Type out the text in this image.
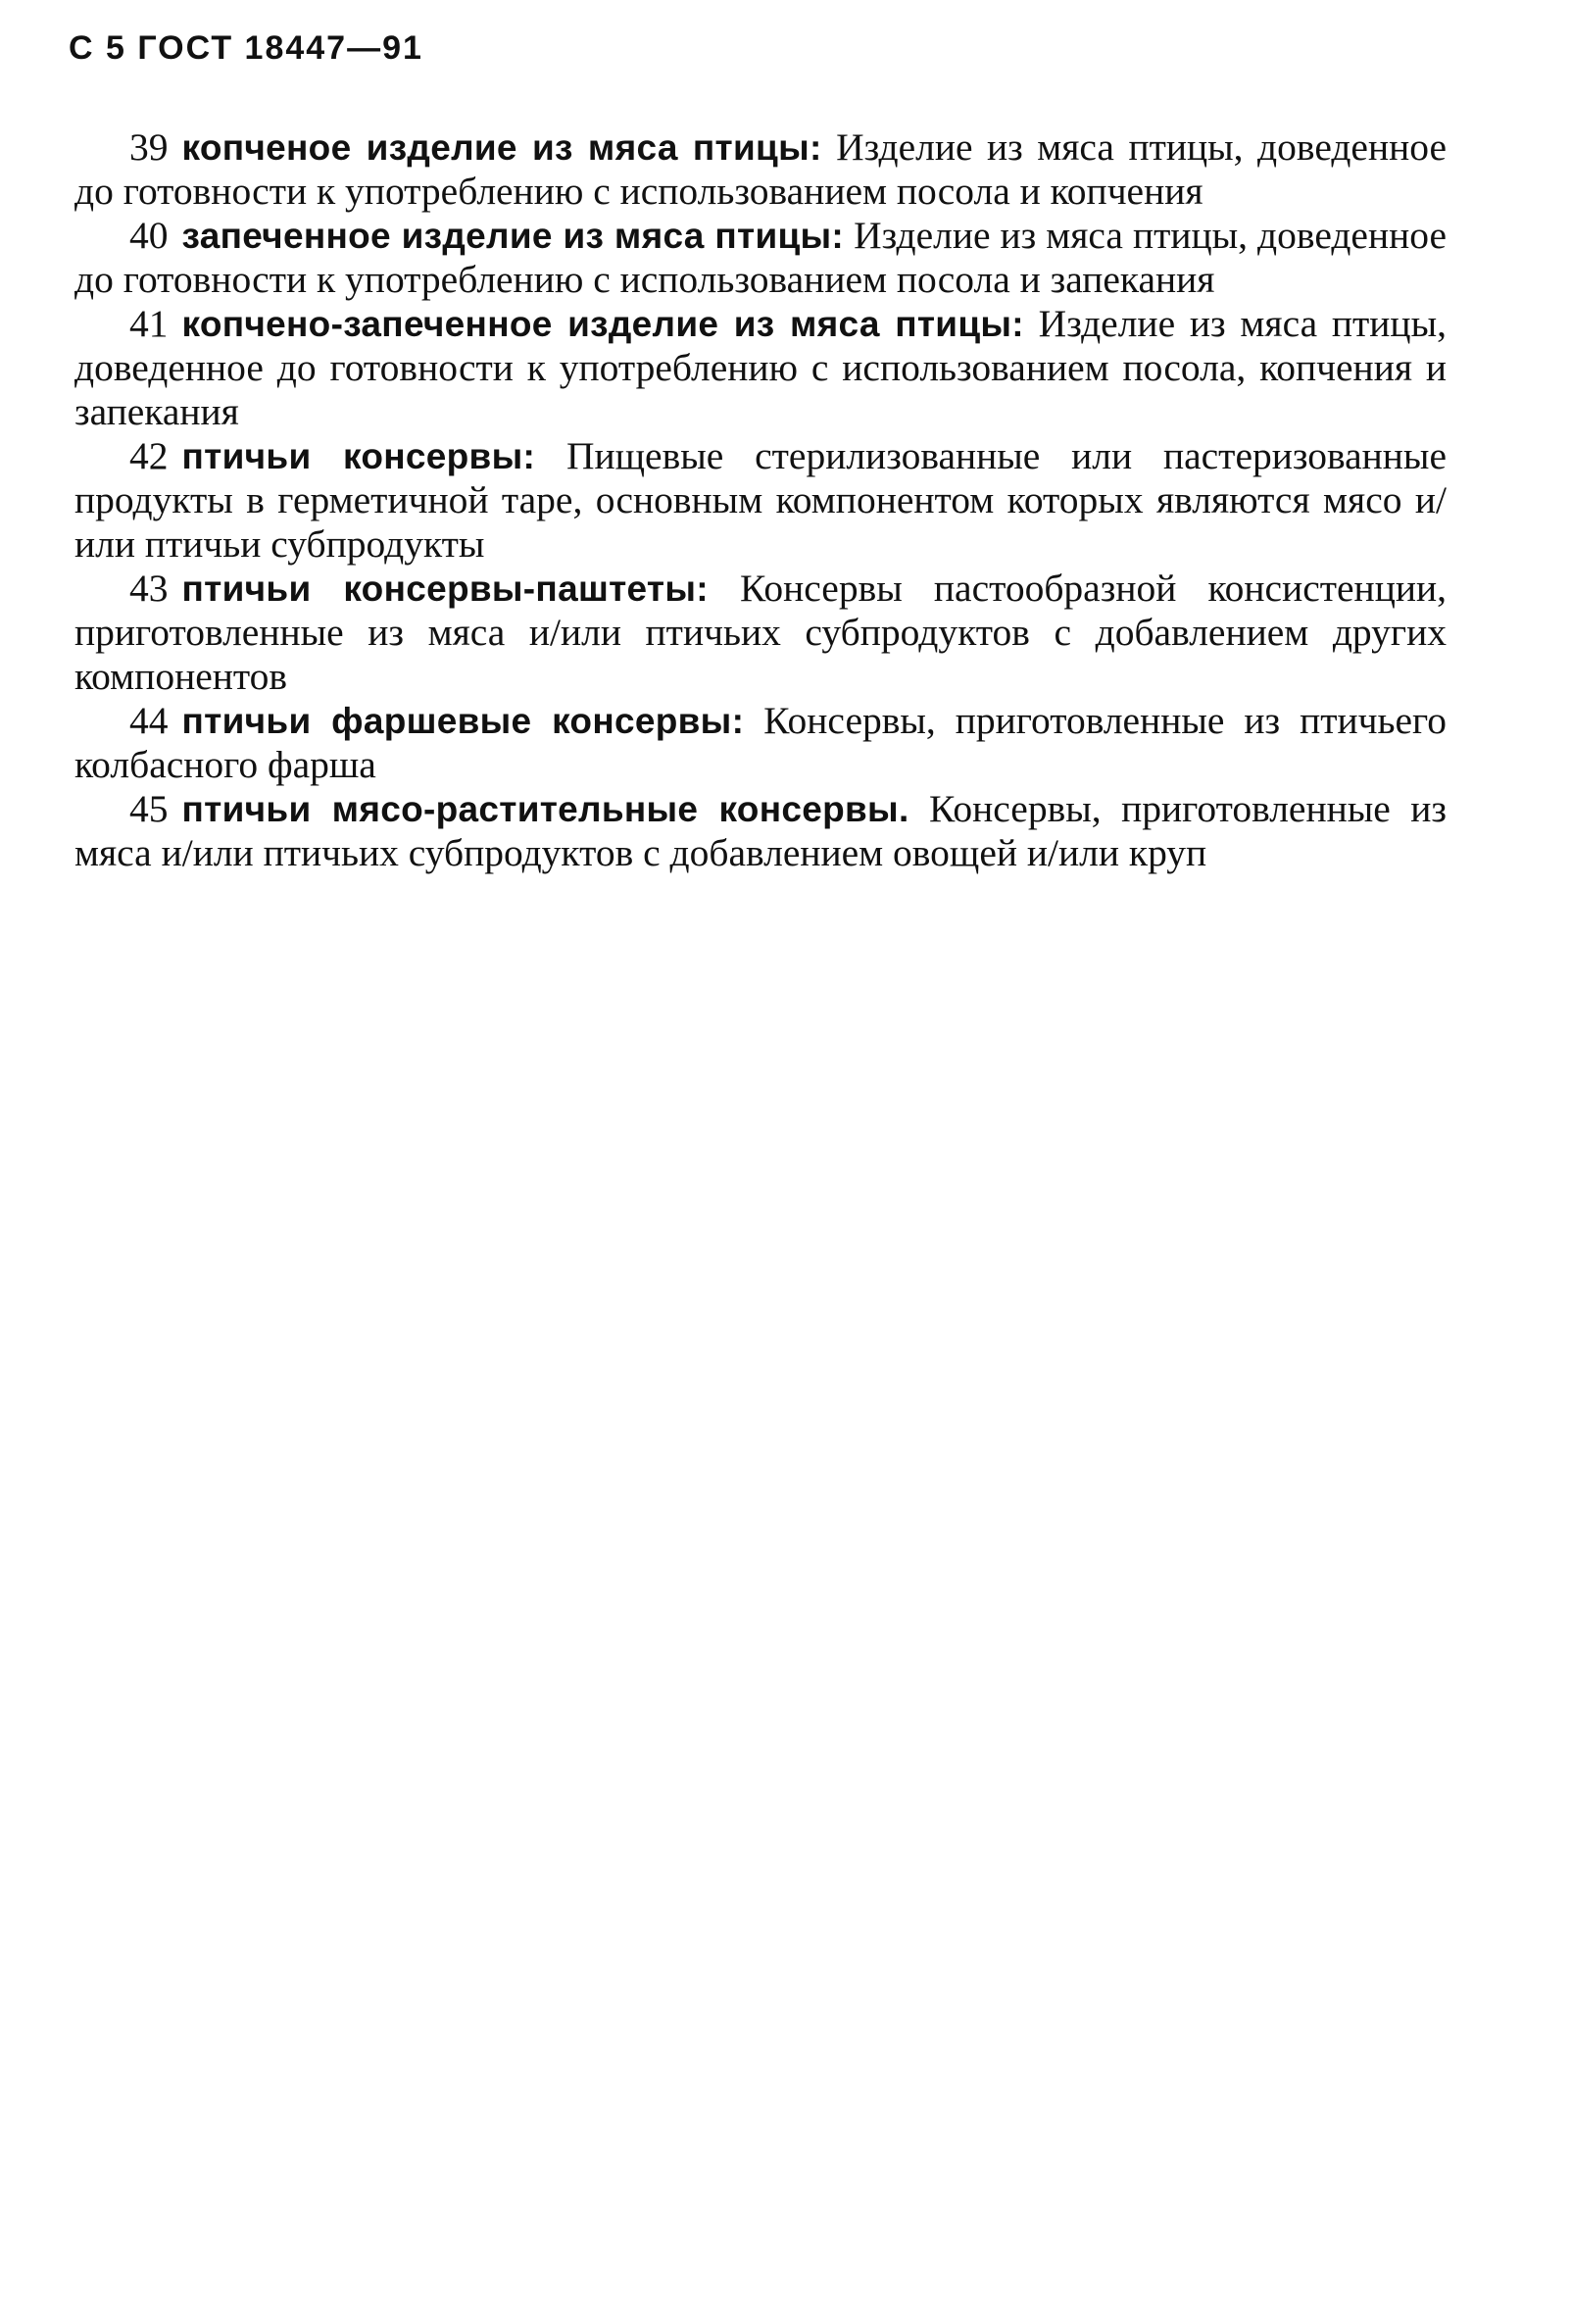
С 5 ГОСТ 18447—91

39 копченое изделие из мяса птицы: Изделие из мяса птицы, доведенное до готовности к употреблению с использованием посола и копчения

40 запеченное изделие из мяса птицы: Изделие из мяса птицы, доведенное до готовности к употреблению с использованием посола и запекания

41 копчено-запеченное изделие из мяса птицы: Изделие из мяса птицы, доведенное до готовности к употреблению с использованием посола, копчения и запекания

42 птичьи консервы: Пищевые стерилизованные или пастеризованные продукты в герметичной таре, основным компонентом которых являются мясо и/или птичьи субпродукты

43 птичьи консервы-паштеты: Консервы пастообразной консистенции, приготовленные из мяса и/или птичьих субпродуктов с добавлением других компонентов

44 птичьи фаршевые консервы: Консервы, приготовленные из птичьего колбасного фарша

45 птичьи мясо-растительные консервы. Консервы, приготовленные из мяса и/или птичьих субпродуктов с добавлением овощей и/или круп
